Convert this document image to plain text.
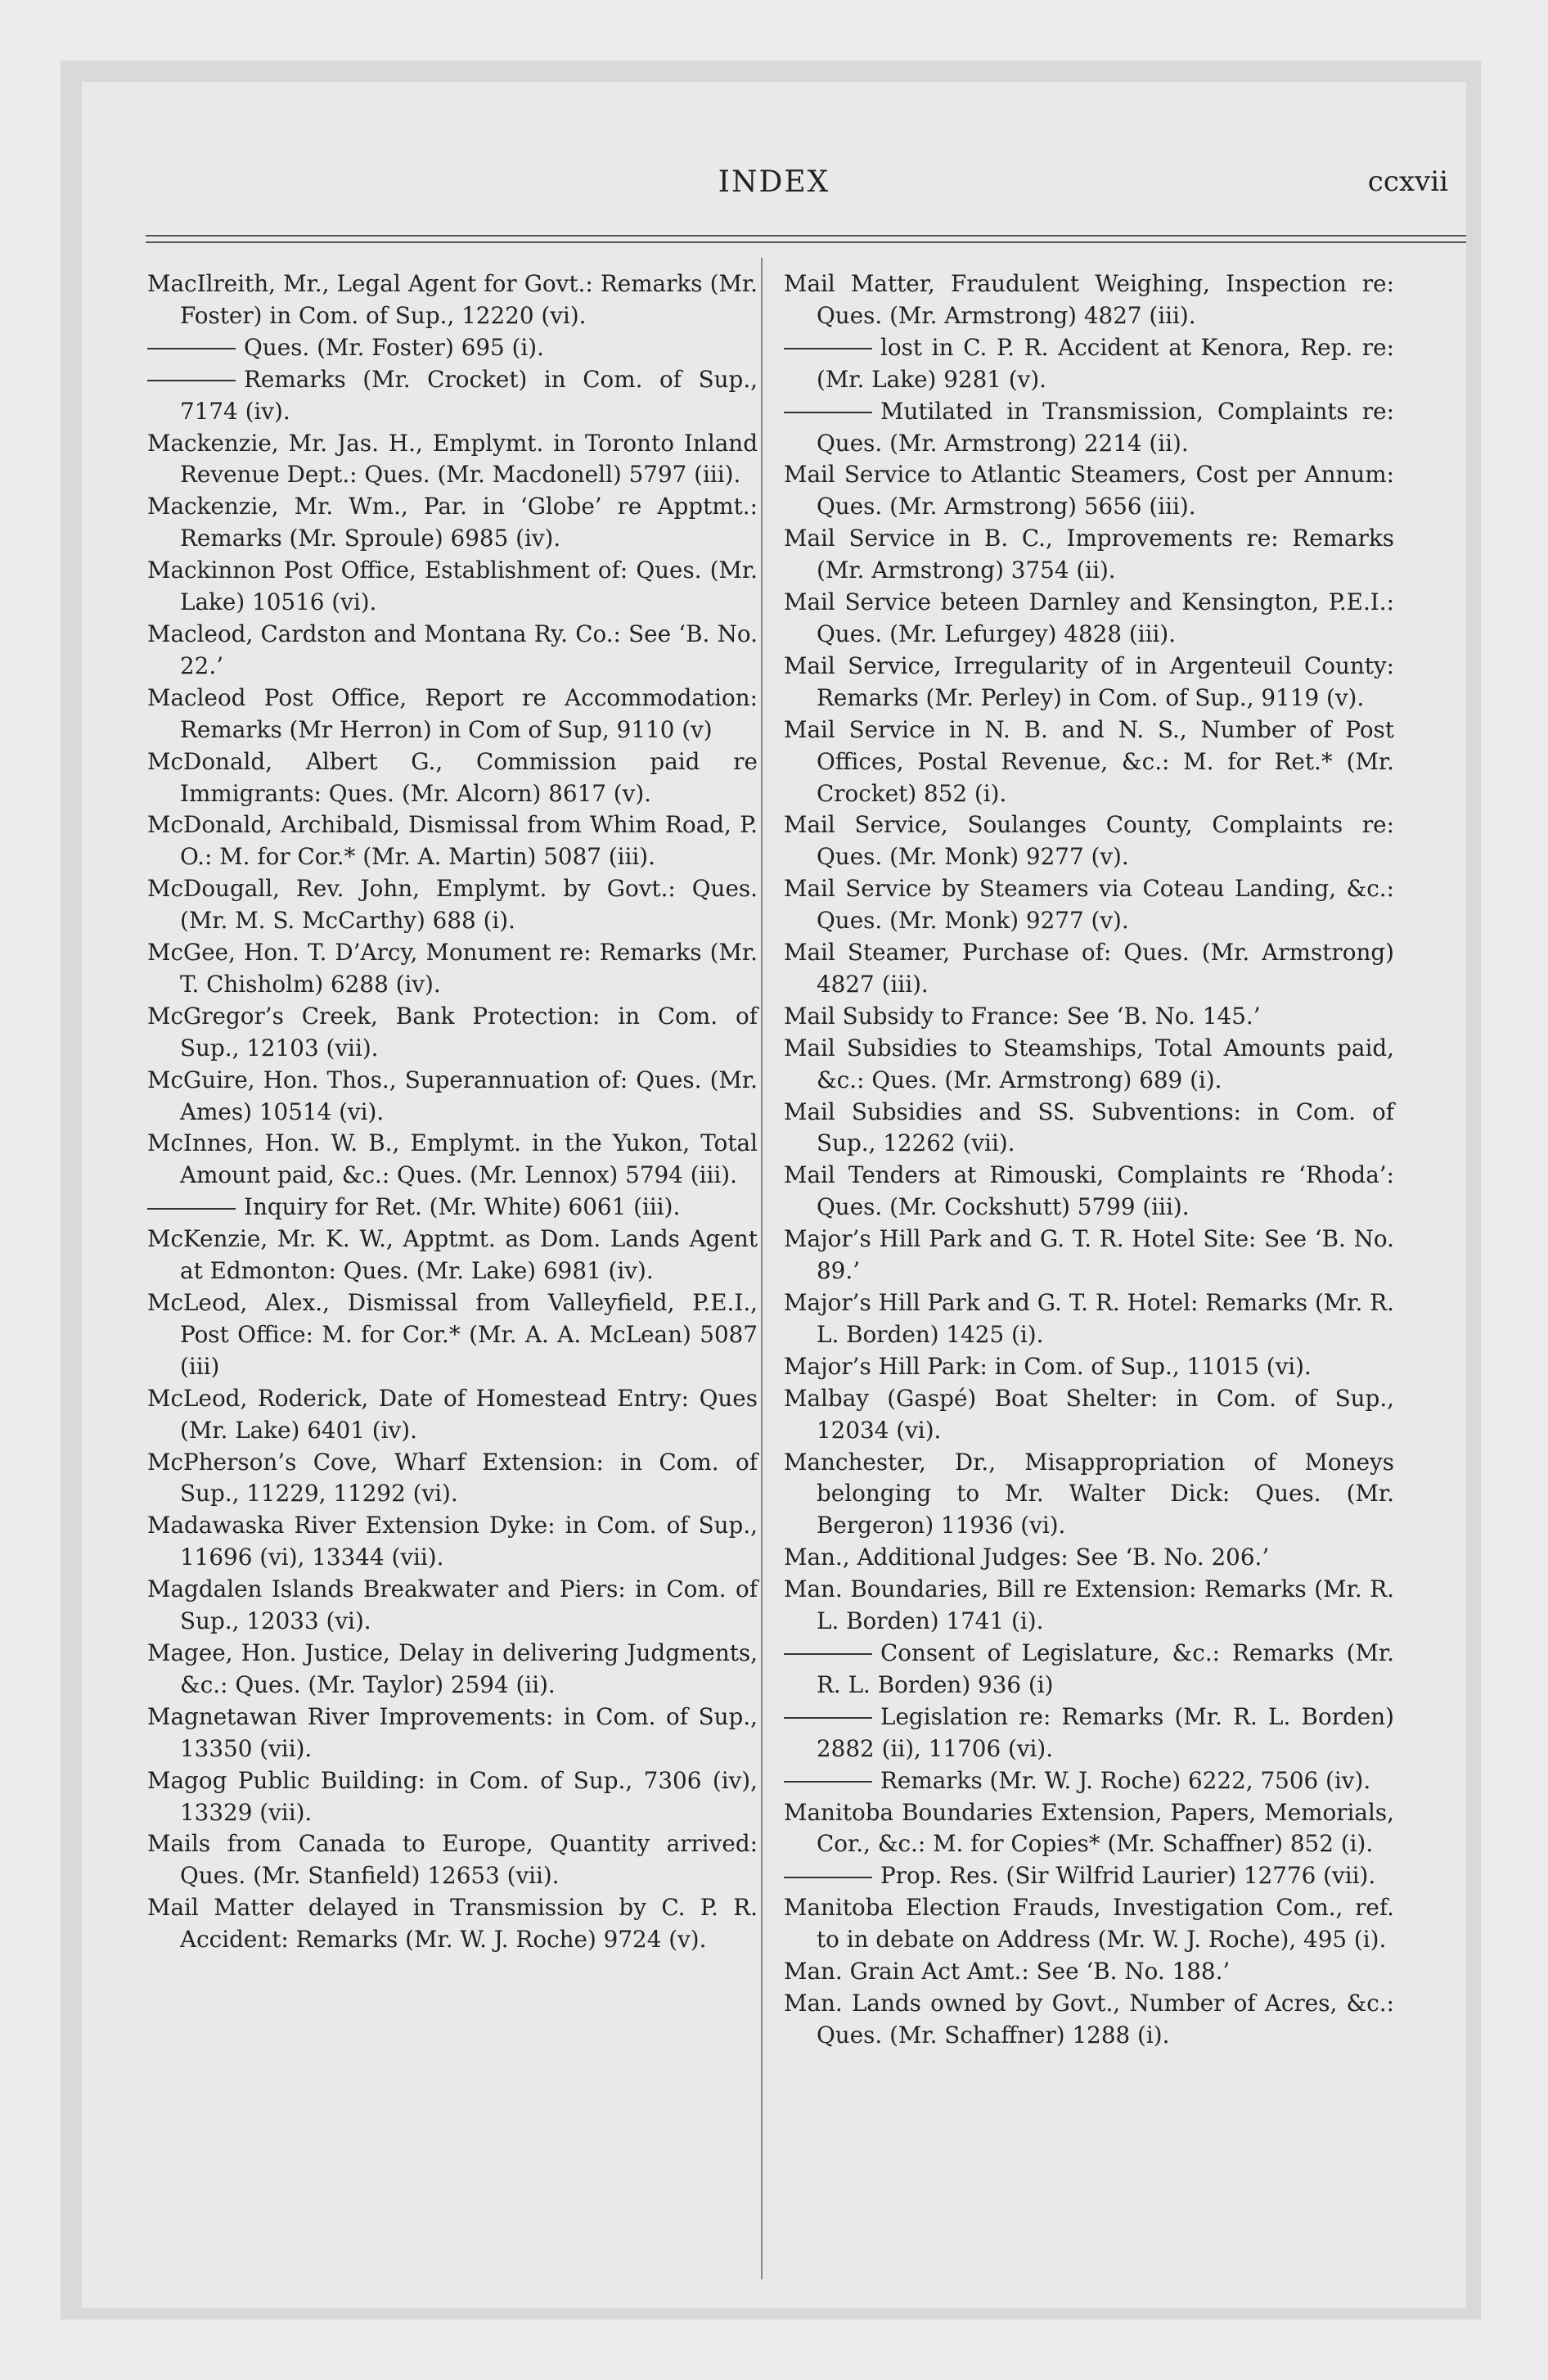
INDEX	ccxvii

MacIlreith, Mr., Legal Agent for Govt.: Remarks (Mr. Foster) in Com. of Sup., 12220 (vi).

Ques. (Mr. Foster) 695 (i).

Remarks (Mr. Crocket) in Com. of Sup., 7174 (iv).

Mackenzie, Mr. Jas. H., Emplymt. in Toronto Inland Revenue Dept.: Ques. (Mr. Macdonell) 5797 (iii).

Mackenzie, Mr. Wm., Par. in ‘Globe’ re Apptmt.: Remarks (Mr. Sproule) 6985 (iv).

Mackinnon Post Office, Establishment of: Ques. (Mr. Lake) 10516 (vi).

Macleod, Cardston and Montana Ry. Co.: See ‘B. No. 22.’

Macleod Post Office, Report re Accommodation: Remarks (Mr Herron) in Com of Sup, 9110 (v)

McDonald, Albert G., Commission paid re Immigrants: Ques. (Mr. Alcorn) 8617 (v).

McDonald, Archibald, Dismissal from Whim Road, P. O.: M. for Cor.* (Mr. A. Martin) 5087 (iii).

McDougall, Rev. John, Emplymt. by Govt.: Ques. (Mr. M. S. McCarthy) 688 (i).

McGee, Hon. T. D’Arcy, Monument re: Remarks (Mr. T. Chisholm) 6288 (iv).

McGregor’s Creek, Bank Protection: in Com. of Sup., 12103 (vii).

McGuire, Hon. Thos., Superannuation of: Ques. (Mr. Ames) 10514 (vi).

McInnes, Hon. W. B., Emplymt. in the Yukon, Total Amount paid, &c.: Ques. (Mr. Lennox) 5794 (iii).

Inquiry for Ret. (Mr. White) 6061 (iii).

McKenzie, Mr. K. W., Apptmt. as Dom. Lands Agent at Edmonton: Ques. (Mr. Lake) 6981 (iv).

McLeod, Alex., Dismissal from Valleyfield, P.E.I., Post Office: M. for Cor.* (Mr. A. A. McLean) 5087 (iii)

McLeod, Roderick, Date of Homestead Entry: Ques (Mr. Lake) 6401 (iv).

McPherson’s Cove, Wharf Extension: in Com. of Sup., 11229, 11292 (vi).

Madawaska River Extension Dyke: in Com. of Sup., 11696 (vi), 13344 (vii).

Magdalen Islands Breakwater and Piers: in Com. of Sup., 12033 (vi).

Magee, Hon. Justice, Delay in delivering Judgments, &c.: Ques. (Mr. Taylor) 2594 (ii).

Magnetawan River Improvements: in Com. of Sup., 13350 (vii).

Magog Public Building: in Com. of Sup., 7306 (iv), 13329 (vii).

Mails from Canada to Europe, Quantity arrived: Ques. (Mr. Stanfield) 12653 (vii).

Mail Matter delayed in Transmission by C. P. R. Accident: Remarks (Mr. W. J. Roche) 9724 (v).

Mail Matter, Fraudulent Weighing, Inspection re: Ques. (Mr. Armstrong) 4827 (iii).

lost in C. P. R. Accident at Kenora, Rep. re: (Mr. Lake) 9281 (v).

Mutilated in Transmission, Complaints re: Ques. (Mr. Armstrong) 2214 (ii).

Mail Service to Atlantic Steamers, Cost per Annum: Ques. (Mr. Armstrong) 5656 (iii).

Mail Service in B. C., Improvements re: Remarks (Mr. Armstrong) 3754 (ii).

Mail Service beteen Darnley and Kensington, P.E.I.: Ques. (Mr. Lefurgey) 4828 (iii).

Mail Service, Irregularity of in Argenteuil County: Remarks (Mr. Perley) in Com. of Sup., 9119 (v).

Mail Service in N. B. and N. S., Number of Post Offices, Postal Revenue, &c.: M. for Ret.* (Mr. Crocket) 852 (i).

Mail Service, Soulanges County, Complaints re: Ques. (Mr. Monk) 9277 (v).

Mail Service by Steamers via Coteau Landing, &c.: Ques. (Mr. Monk) 9277 (v).

Mail Steamer, Purchase of: Ques. (Mr. Armstrong) 4827 (iii).

Mail Subsidy to France: See ‘B. No. 145.’

Mail Subsidies to Steamships, Total Amounts paid, &c.: Ques. (Mr. Armstrong) 689 (i).

Mail Subsidies and SS. Subventions: in Com. of Sup., 12262 (vii).

Mail Tenders at Rimouski, Complaints re ‘Rhoda’: Ques. (Mr. Cockshutt) 5799 (iii).

Major’s Hill Park and G. T. R. Hotel Site: See ‘B. No. 89.’

Major’s Hill Park and G. T. R. Hotel: Remarks (Mr. R. L. Borden) 1425 (i).

Major’s Hill Park: in Com. of Sup., 11015 (vi).

Malbay (Gaspé) Boat Shelter: in Com. of Sup., 12034 (vi).

Manchester, Dr., Misappropriation of Moneys belonging to Mr. Walter Dick: Ques. (Mr. Bergeron) 11936 (vi).

Man., Additional Judges: See ‘B. No. 206.’

Man. Boundaries, Bill re Extension: Remarks (Mr. R. L. Borden) 1741 (i).

Consent of Legislature, &c.: Remarks (Mr. R. L. Borden) 936 (i)

Legislation re: Remarks (Mr. R. L. Borden) 2882 (ii), 11706 (vi).

Remarks (Mr. W. J. Roche) 6222, 7506 (iv).

Manitoba Boundaries Extension, Papers, Memorials, Cor., &c.: M. for Copies* (Mr. Schaffner) 852 (i).

Prop. Res. (Sir Wilfrid Laurier) 12776 (vii).

Manitoba Election Frauds, Investigation Com., ref. to in debate on Address (Mr. W. J. Roche), 495 (i).

Man. Grain Act Amt.: See ‘B. No. 188.’

Man. Lands owned by Govt., Number of Acres, &c.: Ques. (Mr. Schaffner) 1288 (i).
